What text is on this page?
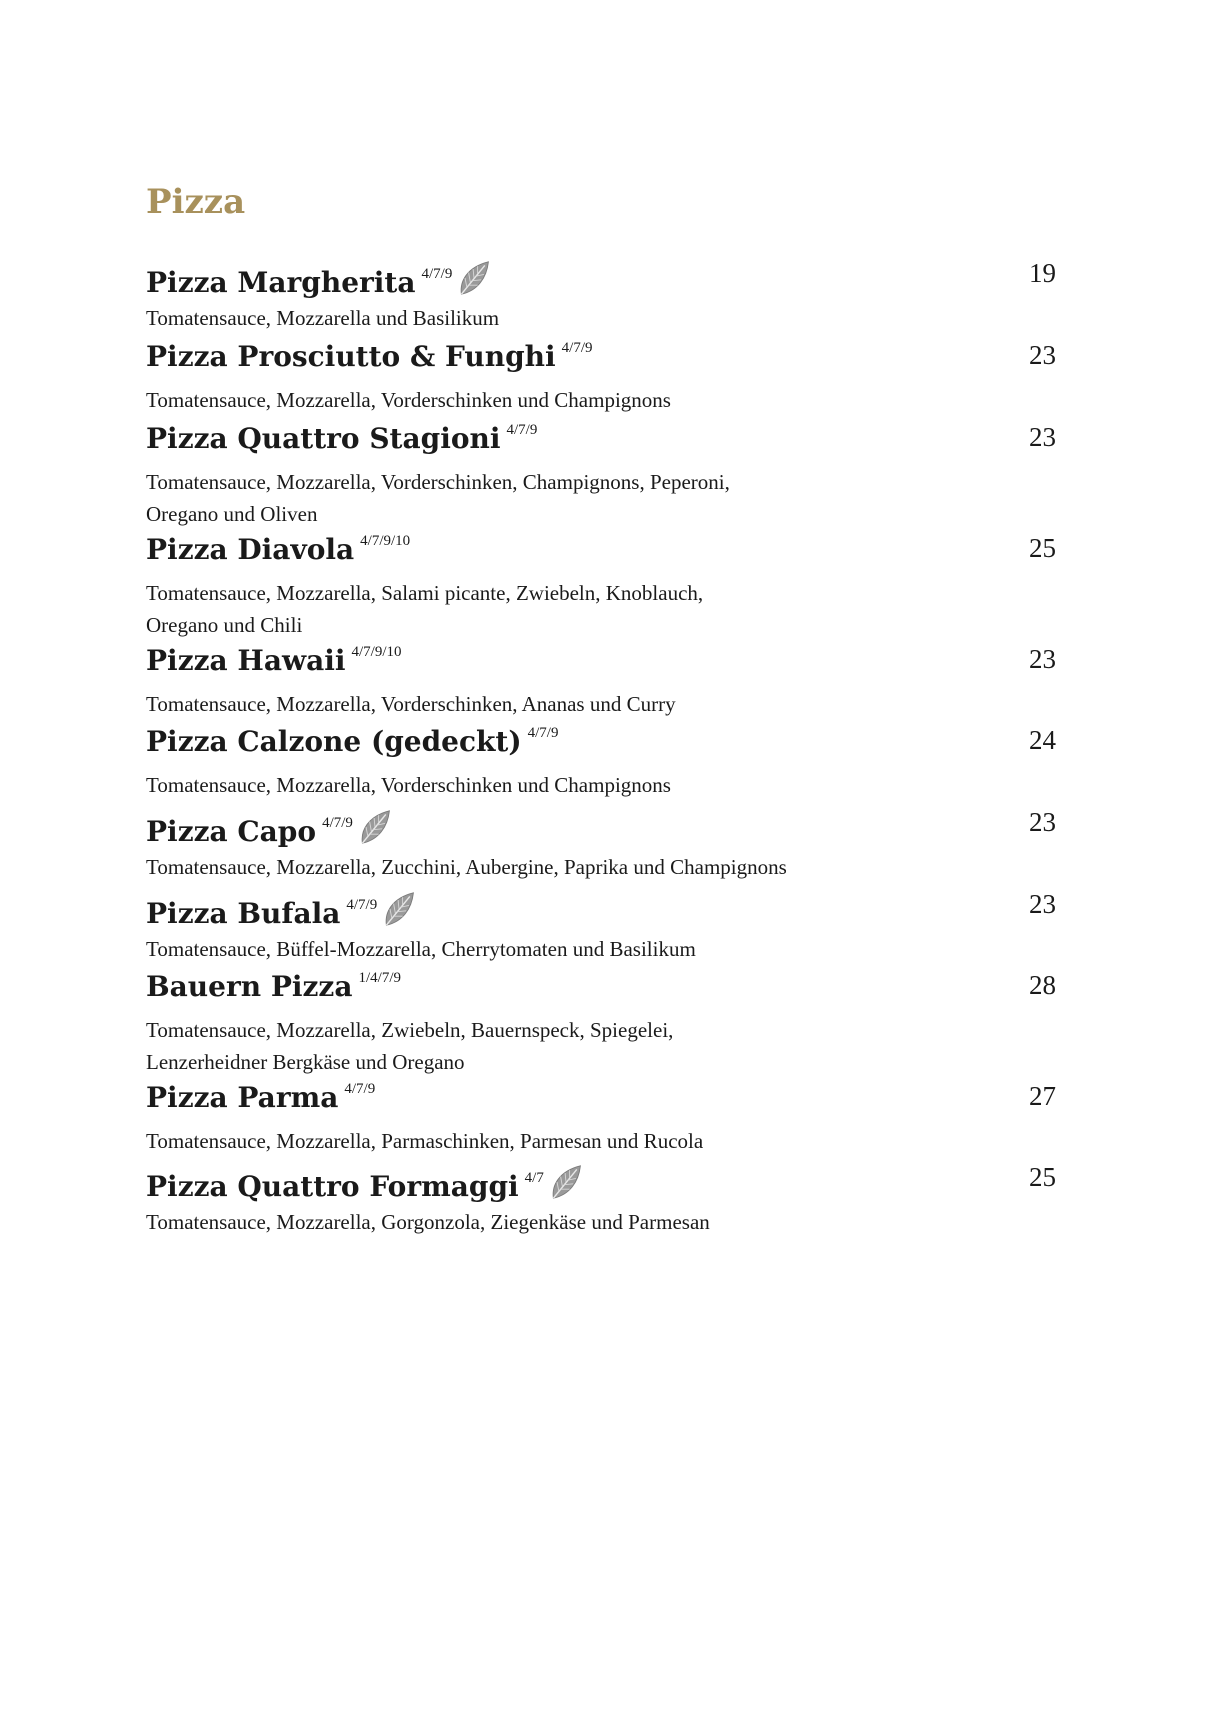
Pizza
Pizza Margherita 4/7/9	19
Tomatensauce, Mozzarella und Basilikum
Pizza Prosciutto & Funghi 4/7/9	23
Tomatensauce, Mozzarella, Vorderschinken und Champignons
Pizza Quattro Stagioni 4/7/9	23
Tomatensauce, Mozzarella, Vorderschinken, Champignons, Peperoni,
Oregano und Oliven
Pizza Diavola 4/7/9/10	25
Tomatensauce, Mozzarella, Salami picante, Zwiebeln, Knoblauch,
Oregano und Chili
Pizza Hawaii 4/7/9/10	23
Tomatensauce, Mozzarella, Vorderschinken, Ananas und Curry
Pizza Calzone (gedeckt) 4/7/9	24
Tomatensauce, Mozzarella, Vorderschinken und Champignons
Pizza Capo 4/7/9	23
Tomatensauce, Mozzarella, Zucchini, Aubergine, Paprika und Champignons
Pizza Bufala 4/7/9	23
Tomatensauce, Büffel-Mozzarella, Cherrytomaten und Basilikum
Bauern Pizza 1/4/7/9	28
Tomatensauce, Mozzarella, Zwiebeln, Bauernspeck, Spiegelei,
Lenzerheidner Bergkäse und Oregano
Pizza Parma 4/7/9	27
Tomatensauce, Mozzarella, Parmaschinken, Parmesan und Rucola
Pizza Quattro Formaggi 4/7	25
Tomatensauce, Mozzarella, Gorgonzola, Ziegenkäse und Parmesan
